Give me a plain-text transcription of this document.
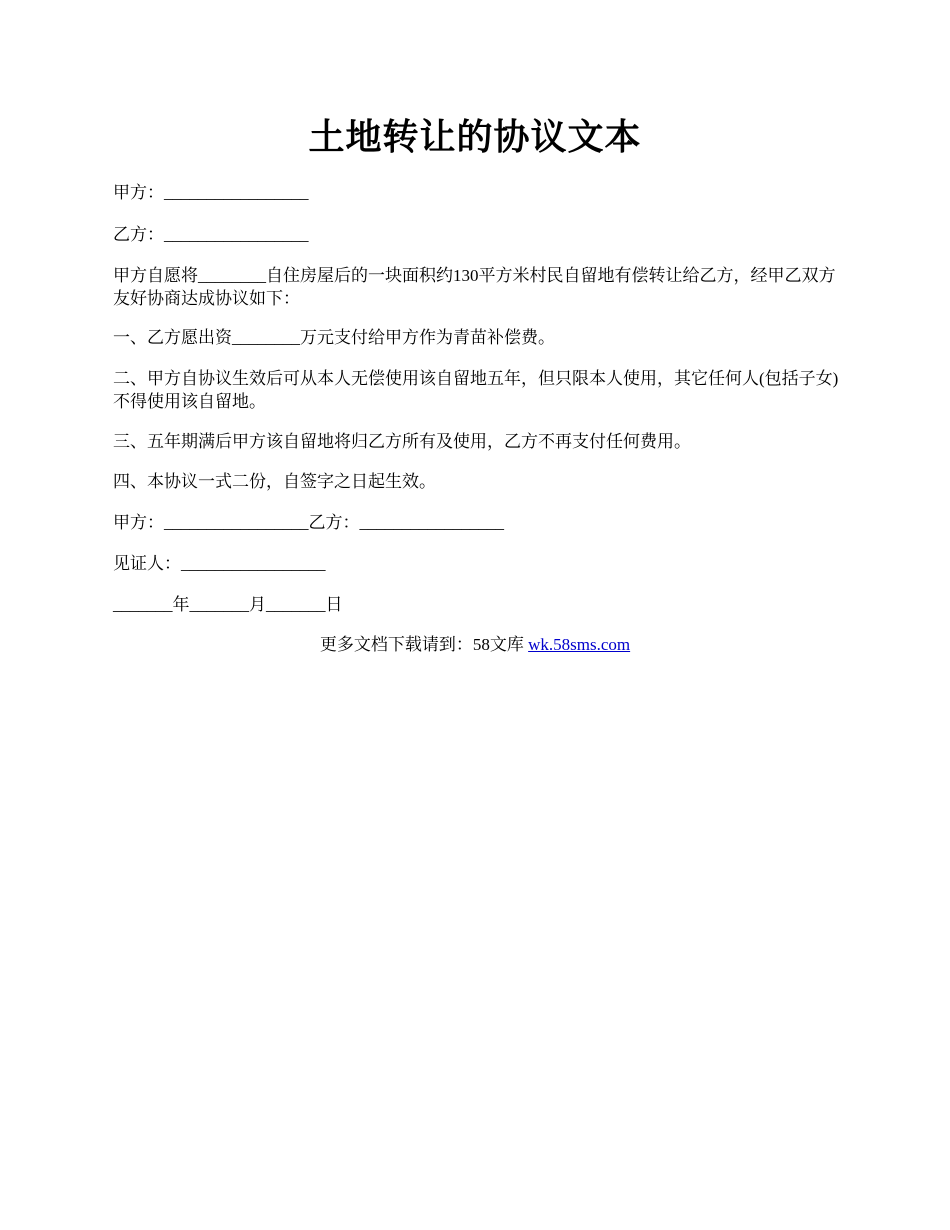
土地转让的协议文本
甲方：_________________
乙方：_________________
甲方自愿将________自住房屋后的一块面积约130平方米村民自留地有偿转让给乙方，经甲乙双方友好协商达成协议如下：
一、乙方愿出资________万元支付给甲方作为青苗补偿费。
二、甲方自协议生效后可从本人无偿使用该自留地五年，但只限本人使用，其它任何人(包括子女)不得使用该自留地。
三、五年期满后甲方该自留地将归乙方所有及使用，乙方不再支付任何费用。
四、本协议一式二份，自签字之日起生效。
甲方：_________________乙方：_________________
见证人：_________________
_______年_______月_______日
更多文档下载请到：58文库 wk.58sms.com
